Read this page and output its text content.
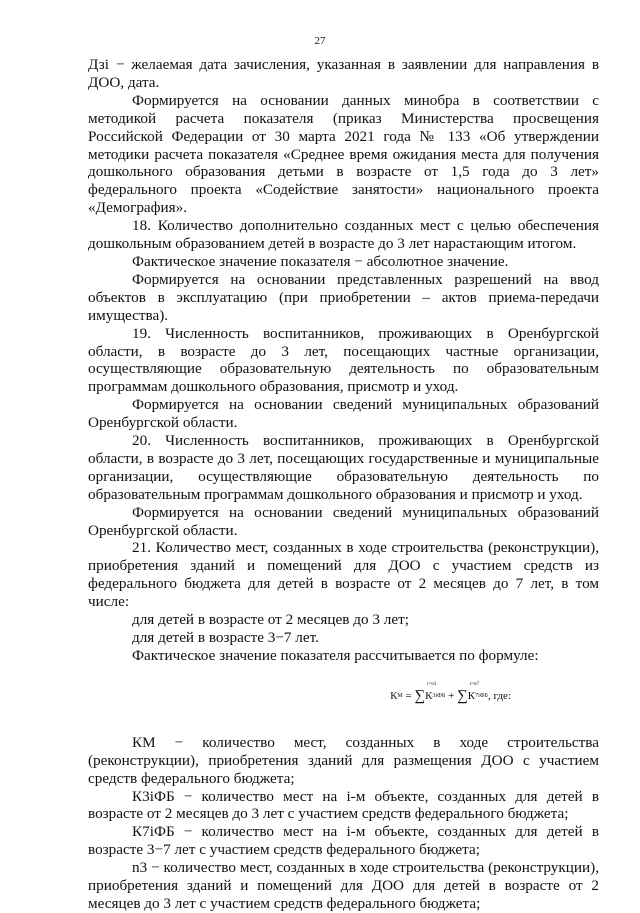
27

Дзі − желаемая дата зачисления, указанная в заявлении для направления в ДОО, дата.

Формируется на основании данных минобра в соответствии с методикой расчета показателя (приказ Министерства просвещения Российской Федерации от 30 марта 2021 года № 133 «Об утверждении методики расчета показателя «Среднее время ожидания места для получения дошкольного образования детьми в возрасте от 1,5 года до 3 лет» федерального проекта «Содействие занятости» национального проекта «Демография».

18. Количество дополнительно созданных мест с целью обеспечения дошкольным образованием детей в возрасте до 3 лет нарастающим итогом.

Фактическое значение показателя − абсолютное значение.

Формируется на основании представленных разрешений на ввод объектов в эксплуатацию (при приобретении – актов приема-передачи имущества).

19. Численность воспитанников, проживающих в Оренбургской области, в возрасте до 3 лет, посещающих частные организации, осуществляющие образовательную деятельность по образовательным программам дошкольного образования, присмотр и уход.

Формируется на основании сведений муниципальных образований Оренбургской области.

20. Численность воспитанников, проживающих в Оренбургской области, в возрасте до 3 лет, посещающих государственные и муниципальные организации, осуществляющие образовательную деятельность по образовательным программам дошкольного образования и присмотр и уход.

Формируется на основании сведений муниципальных образований Оренбургской области.

21. Количество мест, созданных в ходе строительства (реконструкции), приобретения зданий и помещений для ДОО с участием средств из федерального бюджета для детей в возрасте от 2 месяцев до 7 лет, в том числе:

для детей в возрасте от 2 месяцев до 3 лет;

для детей в возрасте 3−7 лет.

Фактическое значение показателя рассчитывается по формуле:

К М = ∑
і=n3
К 3іФБ + ∑
і=n7
К 7іФБ , где:

КМ − количество мест, созданных в ходе строительства (реконструкции), приобретения зданий для размещения ДОО с участием средств федерального бюджета;

К3іФБ − количество мест на i-м объекте, созданных для детей в возрасте от 2 месяцев до 3 лет с участием средств федерального бюджета;

К7іФБ − количество мест на i-м объекте, созданных для детей в возрасте 3−7 лет с участием средств федерального бюджета;

n3 − количество мест, созданных в ходе строительства (реконструкции), приобретения зданий и помещений для ДОО для детей в возрасте от 2 месяцев до 3 лет с участием средств федерального бюджета;
